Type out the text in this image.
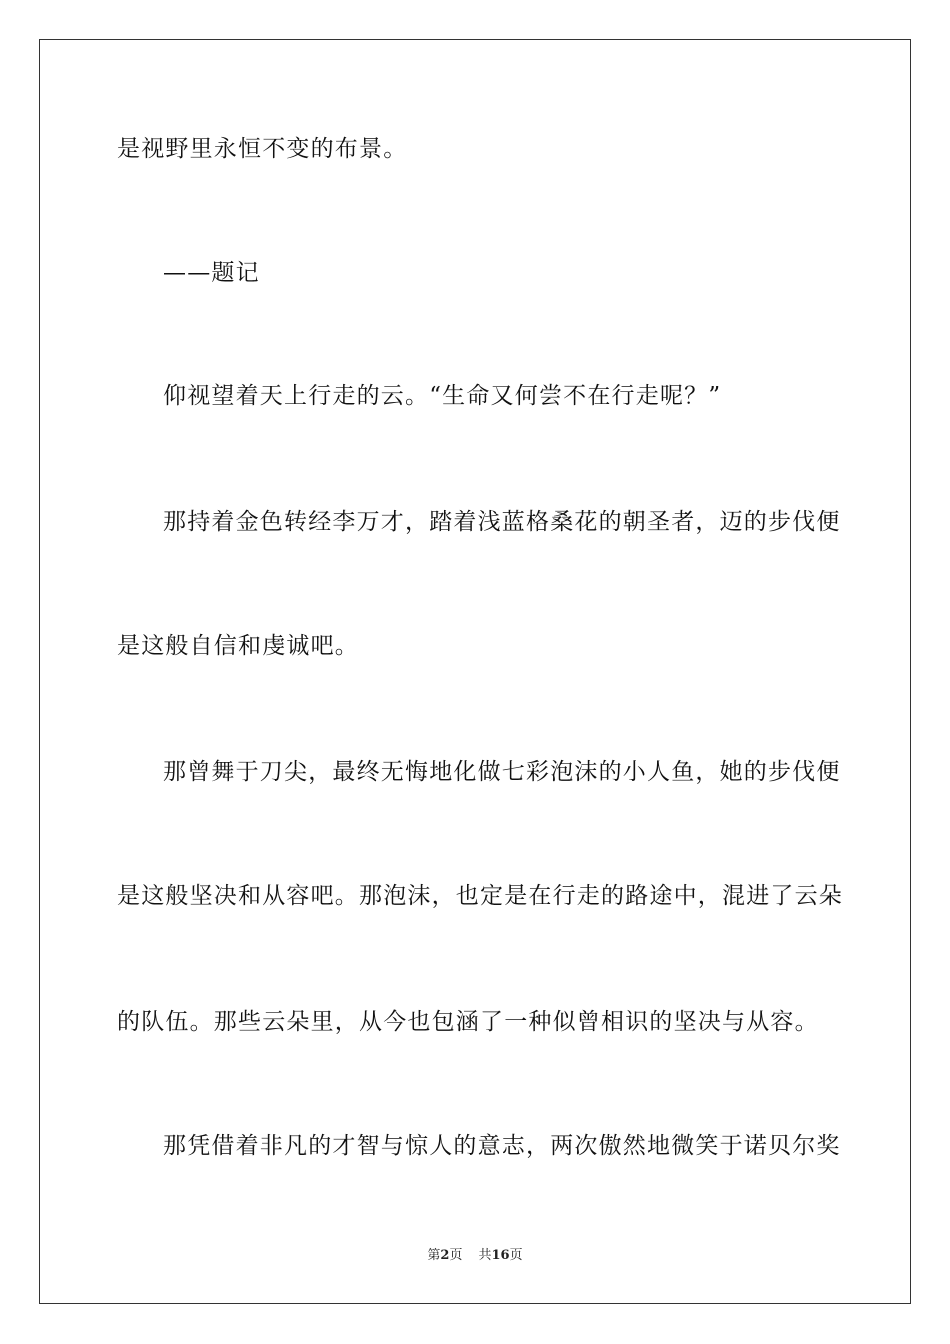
是视野里永恒不变的布景。
——题记
仰视望着天上行走的云。“生命又何尝不在行走呢？”
那持着金色转经李万才，踏着浅蓝格桑花的朝圣者，迈的步伐便
是这般自信和虔诚吧。
那曾舞于刀尖，最终无悔地化做七彩泡沫的小人鱼，她的步伐便
是这般坚决和从容吧。那泡沫，也定是在行走的路途中，混进了云朵
的队伍。那些云朵里，从今也包涵了一种似曾相识的坚决与从容。
那凭借着非凡的才智与惊人的意志，两次傲然地微笑于诺贝尔奖
第2页 共16页
